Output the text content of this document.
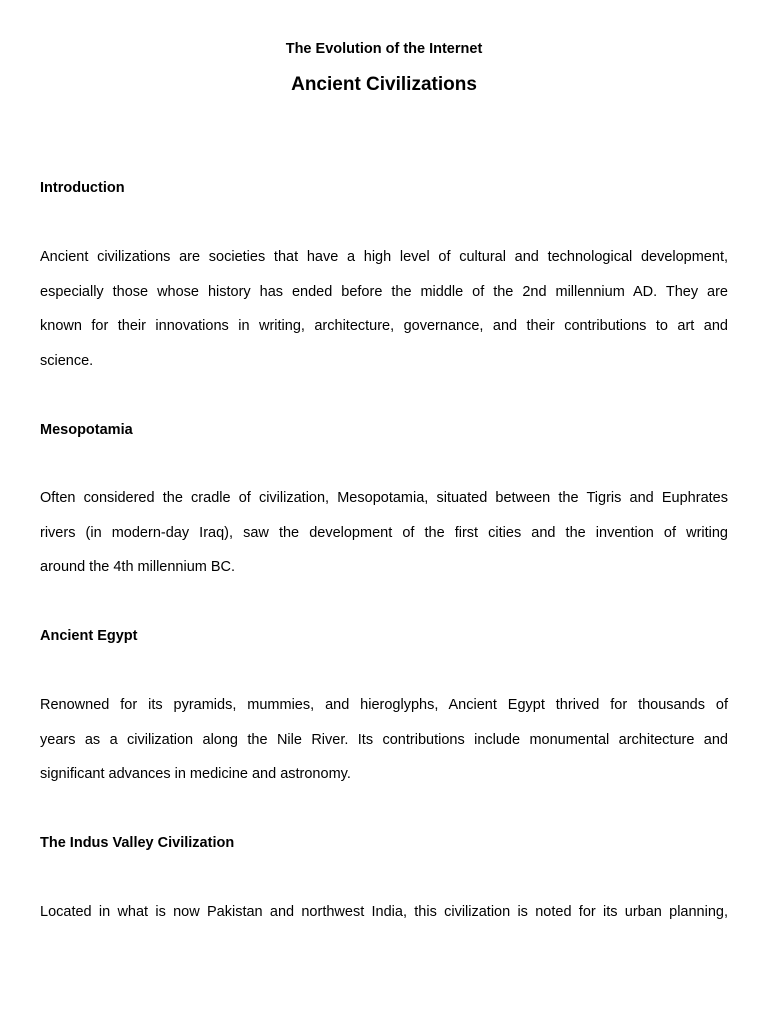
The Evolution of the Internet
Ancient Civilizations
Introduction

Ancient civilizations are societies that have a high level of cultural and technological development,
especially those whose history has ended before the middle of the 2nd millennium AD. They are
known for their innovations in writing, architecture, governance, and their contributions to art and
science.

Mesopotamia

Often considered the cradle of civilization, Mesopotamia, situated between the Tigris and Euphrates
rivers (in modern-day Iraq), saw the development of the first cities and the invention of writing
around the 4th millennium BC.

Ancient Egypt

Renowned for its pyramids, mummies, and hieroglyphs, Ancient Egypt thrived for thousands of
years as a civilization along the Nile River. Its contributions include monumental architecture and
significant advances in medicine and astronomy.

The Indus Valley Civilization

Located in what is now Pakistan and northwest India, this civilization is noted for its urban planning,
